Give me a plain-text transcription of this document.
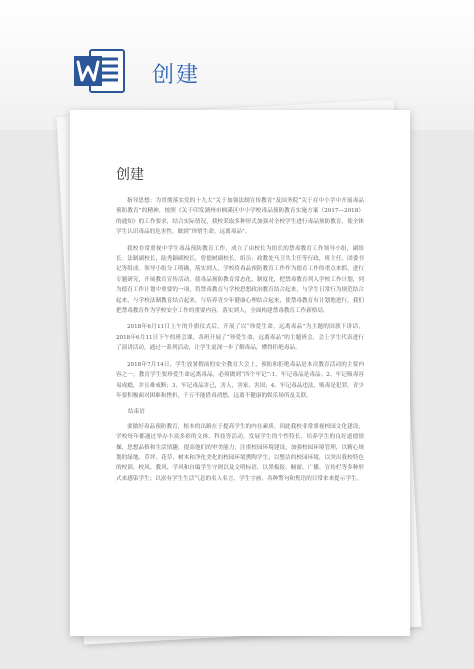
创建
创建

指导思想：为贯彻落实党的十九大“关于加强法制宣传教育”及国务院“关于在中小学中开展毒品预防教育”的精神，按照《关于印发湖州市枫溪区中小学校毒品预防教育实施方案（2017—2018）的通知》的工作要求，结合实际情况，我校采取多种形式加强对全校学生进行毒品预防教育，使全体学生认识毒品的危害性，做到“珍惜生命，远离毒品”。

我校非常重视中学生毒品预防教育工作，成立了由校长为组长的禁毒教育工作领导小组，副组长：法制副校长，陆秀颖副校长，曾德树副校长，组员：政教处马卫共主任等行政，班主任、团委书记等组成。领导小组分工明确，落实到人，学校将毒品预防教育工作作为德育工作的重点来抓，进行专题研究，开展教育宣传活动，使毒品预防教育常态化、制度化，把禁毒教育列入学校工作计划，列为德育工作计划中重要的一项，将禁毒教育与学校思想政治教育结合起来，与学生日常行为规范结合起来，与学校法制教育结合起来，与培养青少年健康心理结合起来，使禁毒教育有计划地进行。我们把禁毒教育作为学校安全工作的重要内容，落实到人，全面构建禁毒教育工作新格局。

2018年6月11日上午的升旗仪式后，开展了以“珍爱生命，远离毒品”为主题的国旗下讲话，2018年6月11日下午的班会课，各班开展了“珍爱生命，远离毒品”的主题班会，会上学生代表进行了演讲活动，通过一系列活动，让学生更深一步了解毒品，懂得拒绝毒品。

2018年7月14日，学生放暑假前的安全教育大会上，预防和拒绝毒品是本次教育活动的主要内容之一，教育学生要珍爱生命远离毒品，必须做到“四个牢记”:1、牢记毒品是毒品；2、牢记吸毒容易成瘾，并且难戒断；3、牢记毒品害己，害人，害家，害国；4、牢记毒品违法，贩毒是犯罪。青少年要积极面对困难和挫折，千万不能借毒消愁，远离不健康的娱乐场所及关联。

结束语

要做好毒品预防教育，根本的出路在于提高学生的内在素质。因此我校非常重视校园文化建设，学校每年都通过举办丰富多彩的文体、科技等活动，发展学生的个性特长，培养学生的良好道德情操，思想品格和生活情趣，提高他们的审美能力；注重校园环境建设，加强校园环境管理，以精心规划的绿地、草坪、花草、树木和净化美化的校园环境熏陶学生，以整洁的校园环境，以突出我校特色的校训、校风、教风、学风和自编学生守则以及文明标语，以黑板报、橱窗、广播、宣传栏等多种形式来感染学生；以富有学生生活气息的名人名言、学生字画、各种警句和隽语的日常来来提示学生。
